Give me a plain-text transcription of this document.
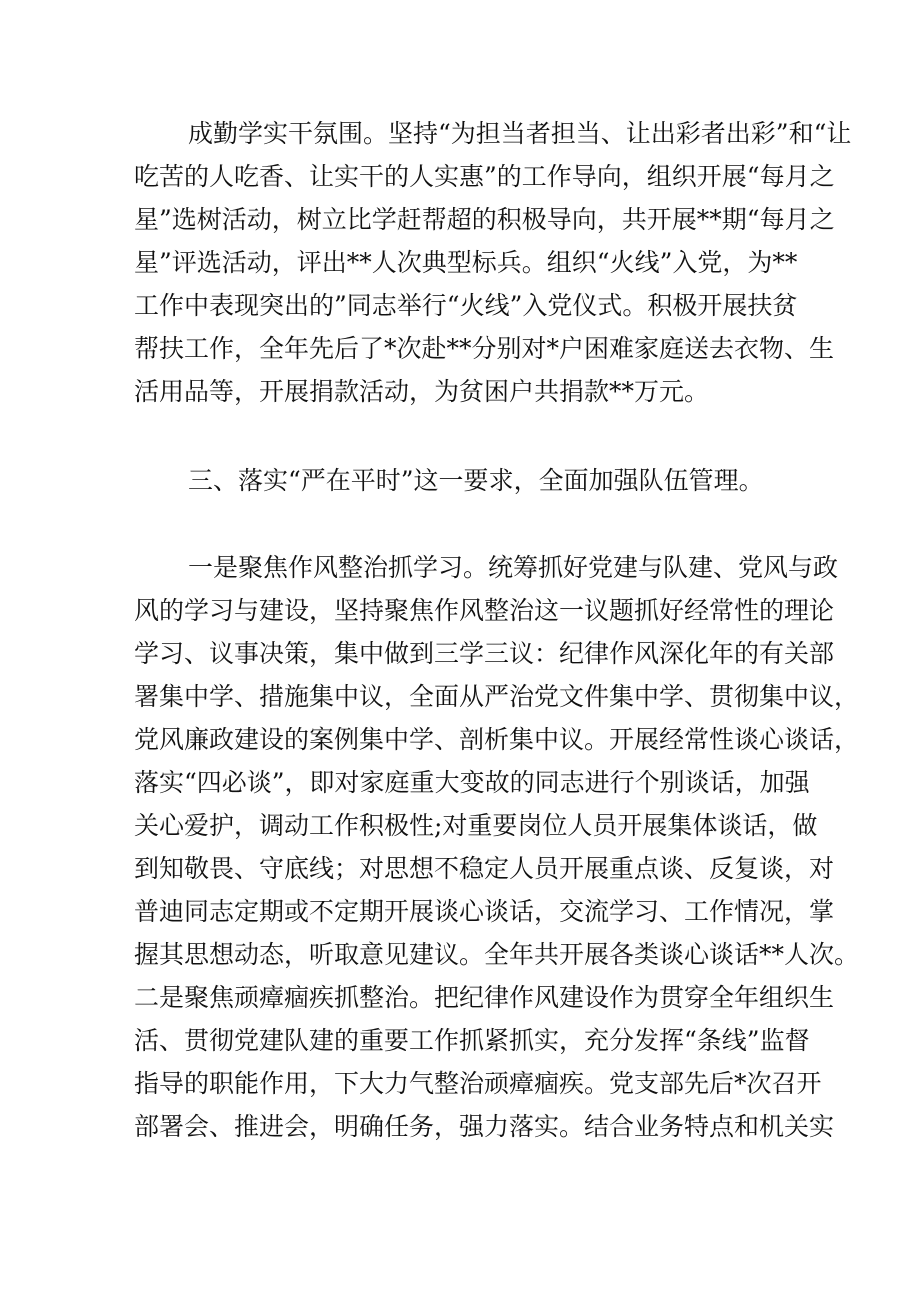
成勤学实干氛围。坚持“为担当者担当、让出彩者出彩”和“让
吃苦的人吃香、让实干的人实惠”的工作导向，组织开展“每月之
星”选树活动，树立比学赶帮超的积极导向，共开展**期“每月之
星”评选活动，评出**人次典型标兵。组织“火线”入党，为**
工作中表现突出的”同志举行“火线”入党仪式。积极开展扶贫
帮扶工作，全年先后了*次赴**分别对*户困难家庭送去衣物、生
活用品等，开展捐款活动，为贫困户共捐款**万元。
三、落实“严在平时”这一要求，全面加强队伍管理。
一是聚焦作风整治抓学习。统筹抓好党建与队建、党风与政
风的学习与建设，坚持聚焦作风整治这一议题抓好经常性的理论
学习、议事决策，集中做到三学三议：纪律作风深化年的有关部
署集中学、措施集中议，全面从严治党文件集中学、贯彻集中议，
党风廉政建设的案例集中学、剖析集中议。开展经常性谈心谈话，
落实“四必谈”，即对家庭重大变故的同志进行个别谈话，加强
关心爱护，调动工作积极性;对重要岗位人员开展集体谈话，做
到知敬畏、守底线；对思想不稳定人员开展重点谈、反复谈，对
普迪同志定期或不定期开展谈心谈话，交流学习、工作情况，掌
握其思想动态，听取意见建议。全年共开展各类谈心谈话**人次。
二是聚焦顽瘴痼疾抓整治。把纪律作风建设作为贯穿全年组织生
活、贯彻党建队建的重要工作抓紧抓实，充分发挥“条线”监督
指导的职能作用，下大力气整治顽瘴痼疾。党支部先后*次召开
部署会、推进会，明确任务，强力落实。结合业务特点和机关实
